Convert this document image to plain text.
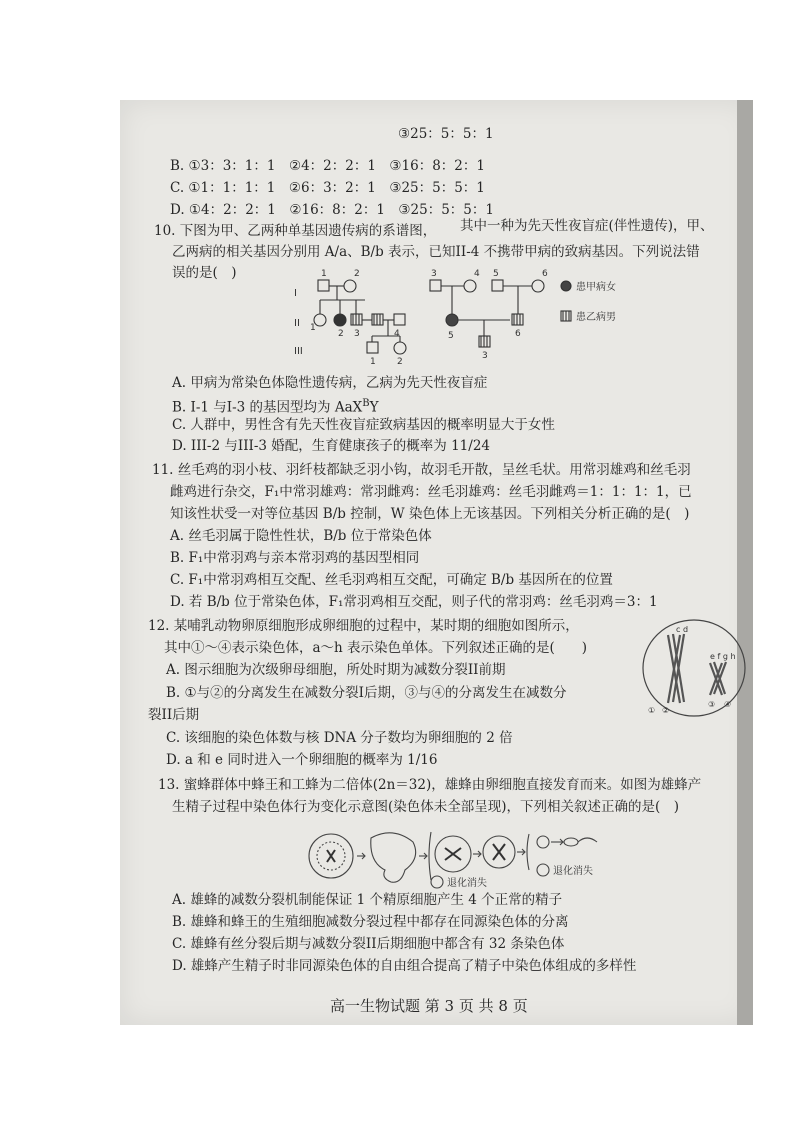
③25：5：5：1
B. ①3：3：1：1　②4：2：2：1　③16：8：2：1
C. ①1：1：1：1　②6：3：2：1　③25：5：5：1
D. ①4：2：2：1　②16：8：2：1　③25：5：5：1
10. 下图为甲、乙两种单基因遗传病的系谱图， 其中一种为先天性夜盲症(伴性遗传)，甲、
乙两病的相关基因分别用 A/a、B/b 表示，已知II-4 不携带甲病的致病基因。下列说法错
误的是(　)
I
II
III
1	2
1
2 3	4
1 2
3	4 5	6
5	6
3
患甲病女
患乙病男
A. 甲病为常染色体隐性遗传病，乙病为先天性夜盲症
B. I-1 与I-3 的基因型均为 AaX$^B$Y
C. 人群中，男性含有先天性夜盲症致病基因的概率明显大于女性
D. III-2 与III-3 婚配，生育健康孩子的概率为 11/24
11. 丝毛鸡的羽小枝、羽纤枝都缺乏羽小钩，故羽毛开散，呈丝毛状。用常羽雄鸡和丝毛羽
雌鸡进行杂交，F₁中常羽雄鸡：常羽雌鸡：丝毛羽雄鸡：丝毛羽雌鸡＝1：1：1：1，已
知该性状受一对等位基因 B/b 控制，W 染色体上无该基因。下列相关分析正确的是(　)
A. 丝毛羽属于隐性性状，B/b 位于常染色体
B. F₁中常羽鸡与亲本常羽鸡的基因型相同
C. F₁中常羽鸡相互交配、丝毛羽鸡相互交配，可确定 B/b 基因所在的位置
D. 若 B/b 位于常染色体，F₁常羽鸡相互交配，则子代的常羽鸡：丝毛羽鸡＝3：1
12. 某哺乳动物卵原细胞形成卵细胞的过程中，某时期的细胞如图所示，
其中①～④表示染色体，a～h 表示染色单体。下列叙述正确的是(　　)
A. 图示细胞为次级卵母细胞，所处时期为减数分裂II前期
B. ①与②的分离发生在减数分裂I后期，③与④的分离发生在减数分
裂II后期
C. 该细胞的染色体数与核 DNA 分子数均为卵细胞的 2 倍
D. a 和 e 同时进入一个卵细胞的概率为 1/16
c d
e f g h
① ②
③ ④
13. 蜜蜂群体中蜂王和工蜂为二倍体(2n＝32)，雄蜂由卵细胞直接发育而来。如图为雄蜂产
生精子过程中染色体行为变化示意图(染色体未全部呈现)，下列相关叙述正确的是(　)
退化消失
退化消失
A. 雄蜂的减数分裂机制能保证 1 个精原细胞产生 4 个正常的精子
B. 雄蜂和蜂王的生殖细胞减数分裂过程中都存在同源染色体的分离
C. 雄蜂有丝分裂后期与减数分裂II后期细胞中都含有 32 条染色体
D. 雄蜂产生精子时非同源染色体的自由组合提高了精子中染色体组成的多样性
高一生物试题 第 3 页 共 8 页
